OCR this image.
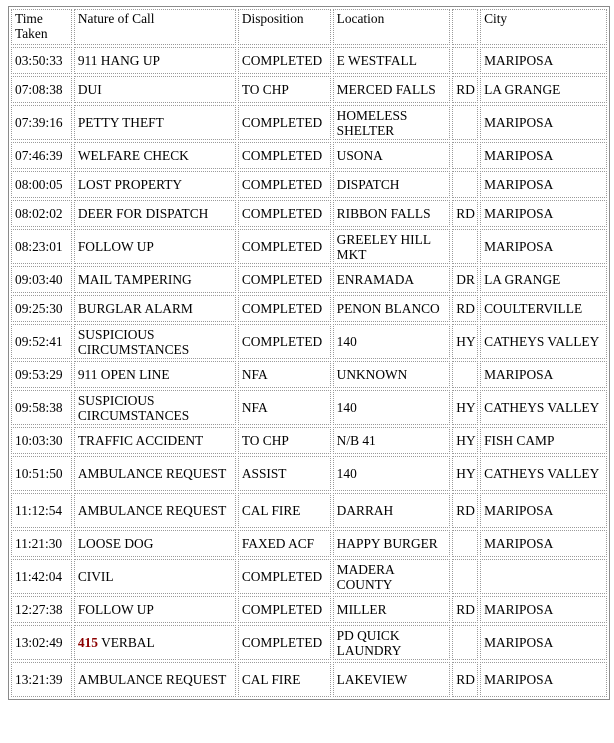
Time Taken	Nature of Call	Disposition	Location		City
03:50:33	911 HANG UP	COMPLETED	E WESTFALL		MARIPOSA
07:08:38	DUI	TO CHP	MERCED FALLS	RD	LA GRANGE
07:39:16	PETTY THEFT	COMPLETED	HOMELESS SHELTER		MARIPOSA
07:46:39	WELFARE CHECK	COMPLETED	USONA		MARIPOSA
08:00:05	LOST PROPERTY	COMPLETED	DISPATCH		MARIPOSA
08:02:02	DEER FOR DISPATCH	COMPLETED	RIBBON FALLS	RD	MARIPOSA
08:23:01	FOLLOW UP	COMPLETED	GREELEY HILL MKT		MARIPOSA
09:03:40	MAIL TAMPERING	COMPLETED	ENRAMADA	DR	LA GRANGE
09:25:30	BURGLAR ALARM	COMPLETED	PENON BLANCO	RD	COULTERVILLE
09:52:41	SUSPICIOUS CIRCUMSTANCES	COMPLETED	140	HY	CATHEYS VALLEY
09:53:29	911 OPEN LINE	NFA	UNKNOWN		MARIPOSA
09:58:38	SUSPICIOUS CIRCUMSTANCES	NFA	140	HY	CATHEYS VALLEY
10:03:30	TRAFFIC ACCIDENT	TO CHP	N/B 41	HY	FISH CAMP
10:51:50	AMBULANCE REQUEST	ASSIST	140	HY	CATHEYS VALLEY
11:12:54	AMBULANCE REQUEST	CAL FIRE	DARRAH	RD	MARIPOSA
11:21:30	LOOSE DOG	FAXED ACF	HAPPY BURGER		MARIPOSA
11:42:04	CIVIL	COMPLETED	MADERA COUNTY		
12:27:38	FOLLOW UP	COMPLETED	MILLER	RD	MARIPOSA
13:02:49	415 VERBAL	COMPLETED	PD QUICK LAUNDRY		MARIPOSA
13:21:39	AMBULANCE REQUEST	CAL FIRE	LAKEVIEW	RD	MARIPOSA
